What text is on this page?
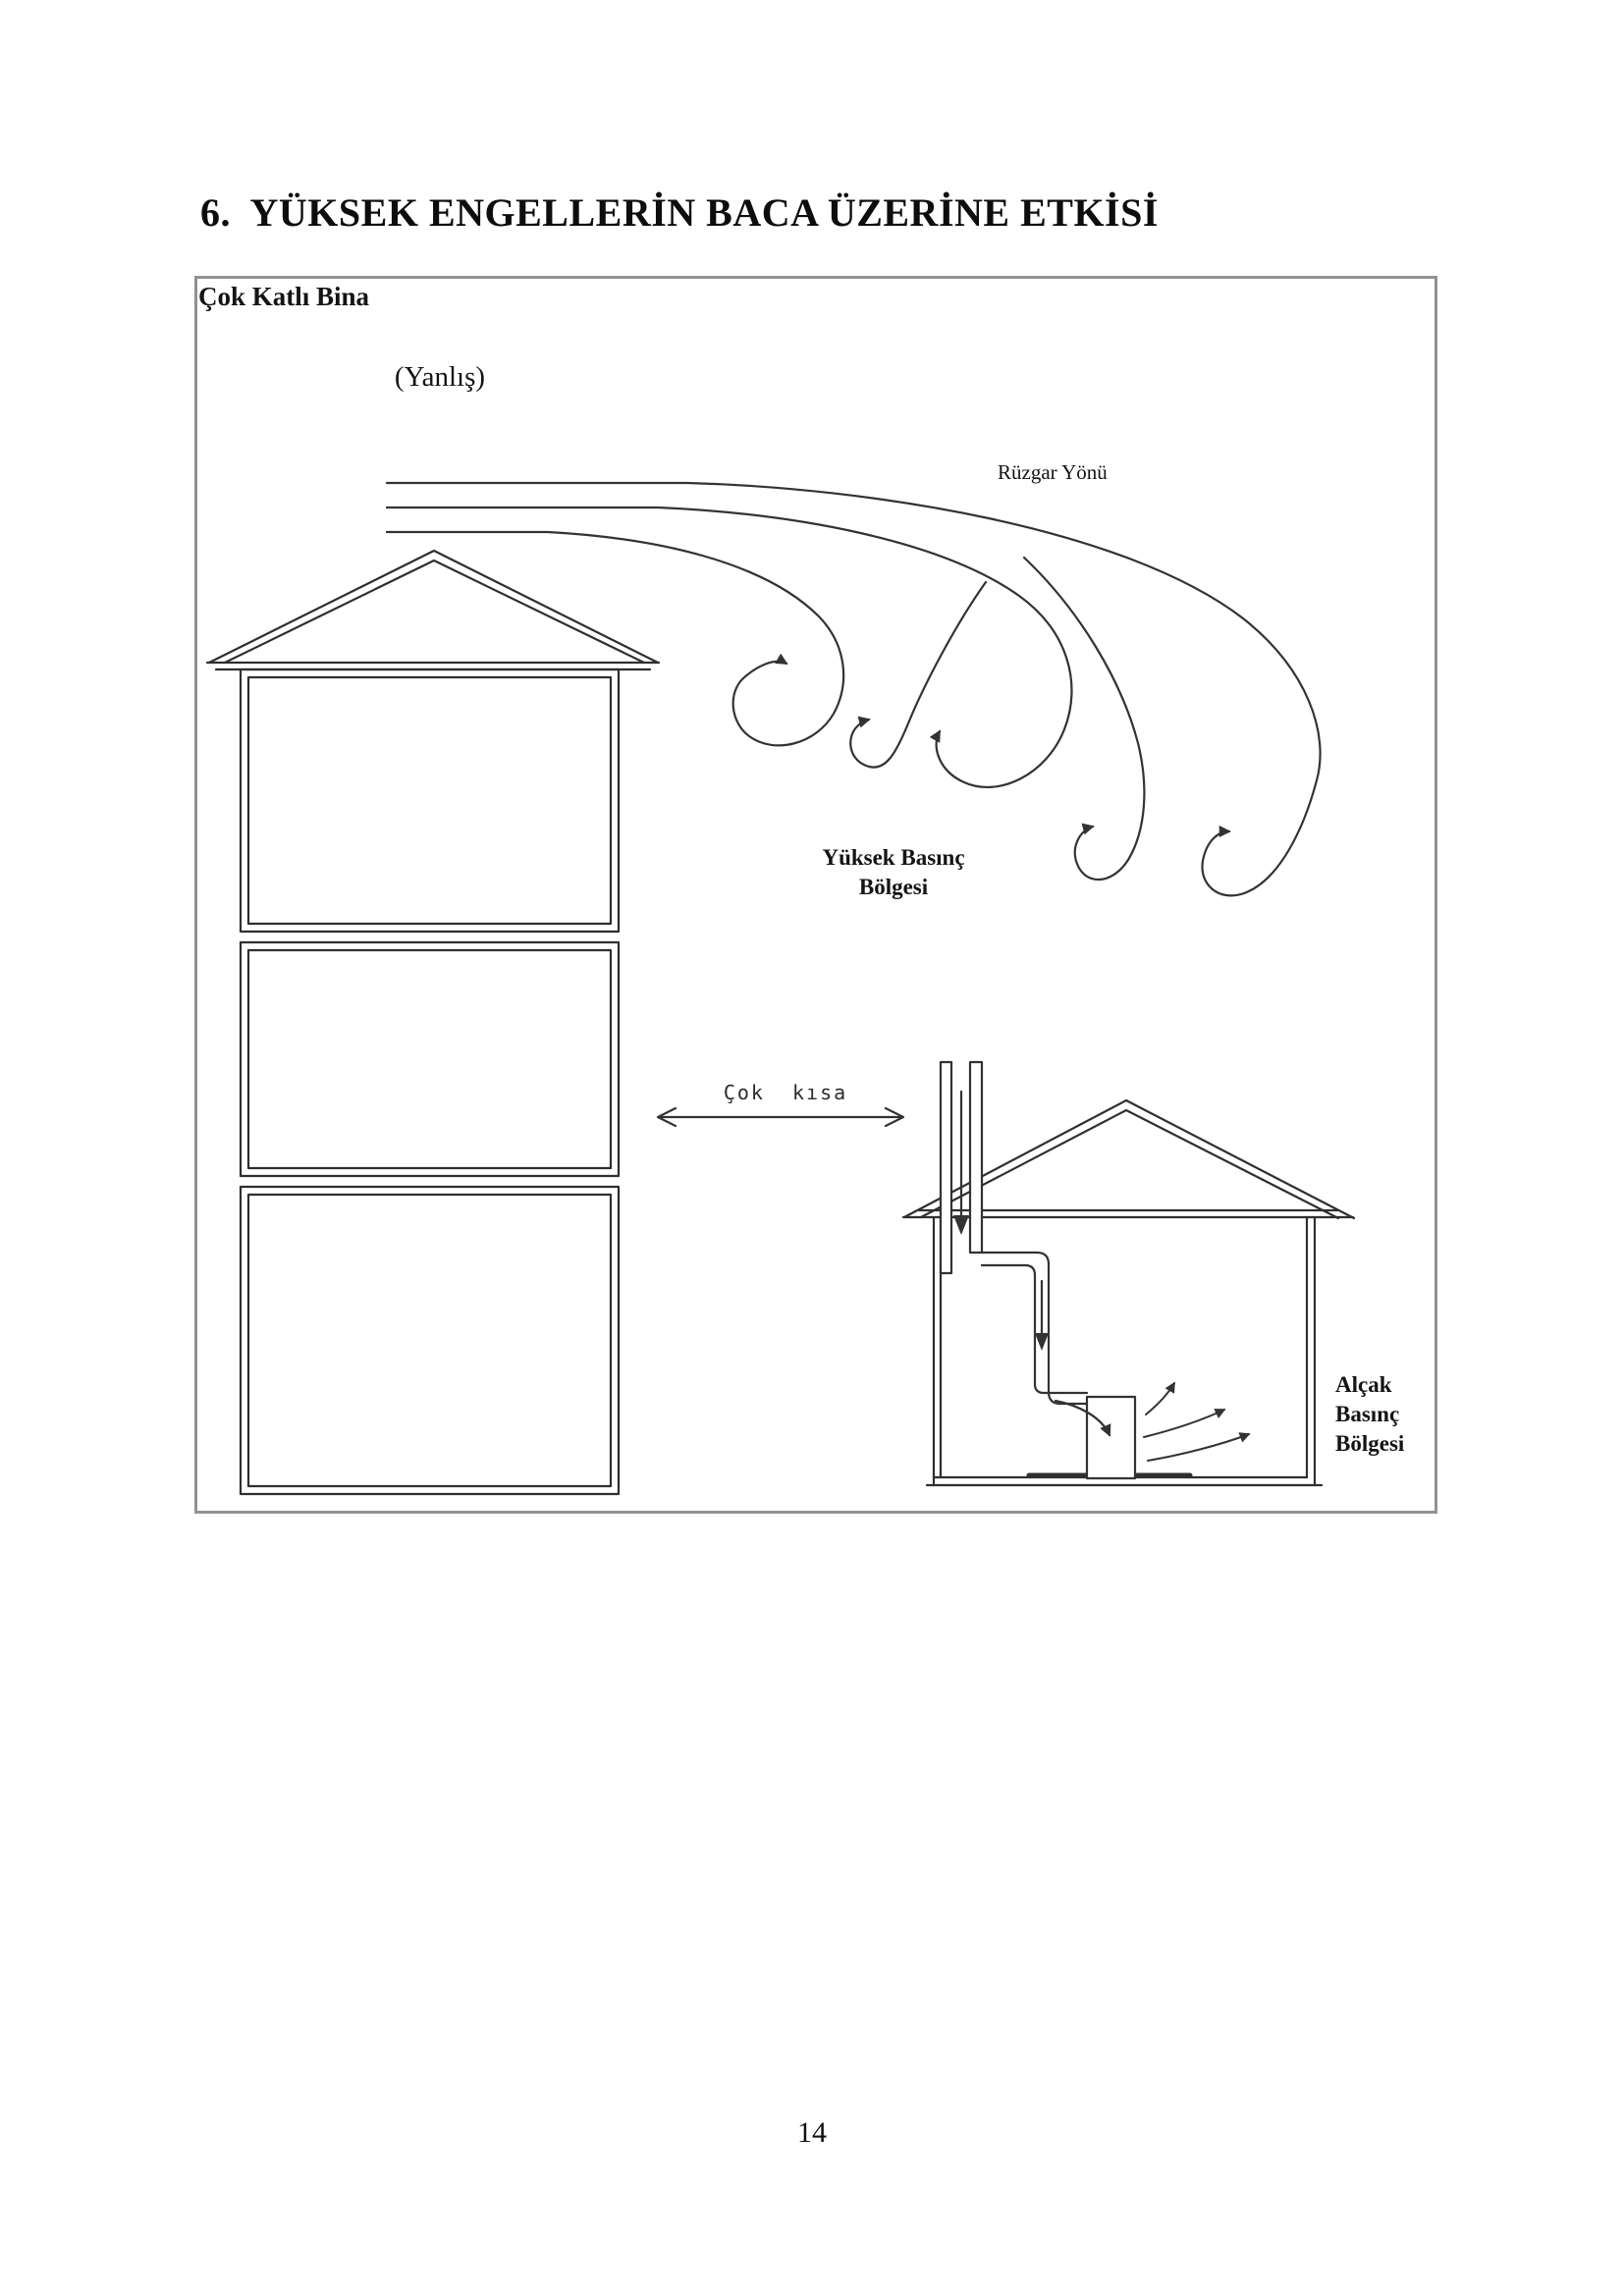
6.  YÜKSEK ENGELLERİN BACA ÜZERİNE ETKİSİ
Çok Katlı Bina
(Yanlış)
Rüzgar Yönü
Yüksek Basınç
Bölgesi
Çok kısa
Alçak
Basınç
Bölgesi
14
